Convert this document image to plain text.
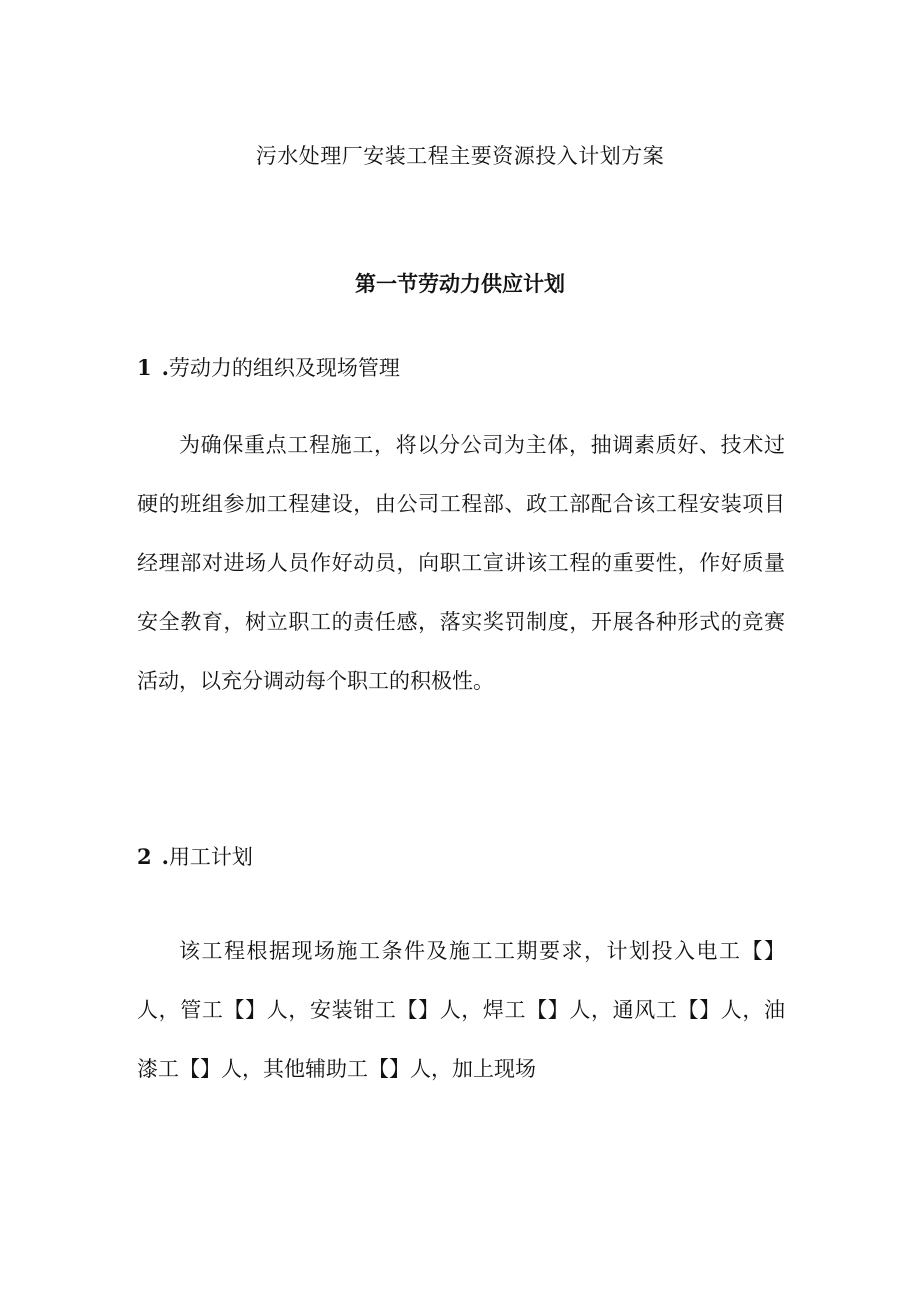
污水处理厂安装工程主要资源投入计划方案
第一节劳动力供应计划
1 .劳动力的组织及现场管理

为确保重点工程施工，将以分公司为主体，抽调素质好、技术过硬的班组参加工程建设，由公司工程部、政工部配合该工程安装项目经理部对进场人员作好动员，向职工宣讲该工程的重要性，作好质量安全教育，树立职工的责任感，落实奖罚制度，开展各种形式的竞赛活动，以充分调动每个职工的积极性。

2 .用工计划

该工程根据现场施工条件及施工工期要求，计划投入电工【】人，管工【】人，安装钳工【】人，焊工【】人，通风工【】人，油漆工【】人，其他辅助工【】人，加上现场
